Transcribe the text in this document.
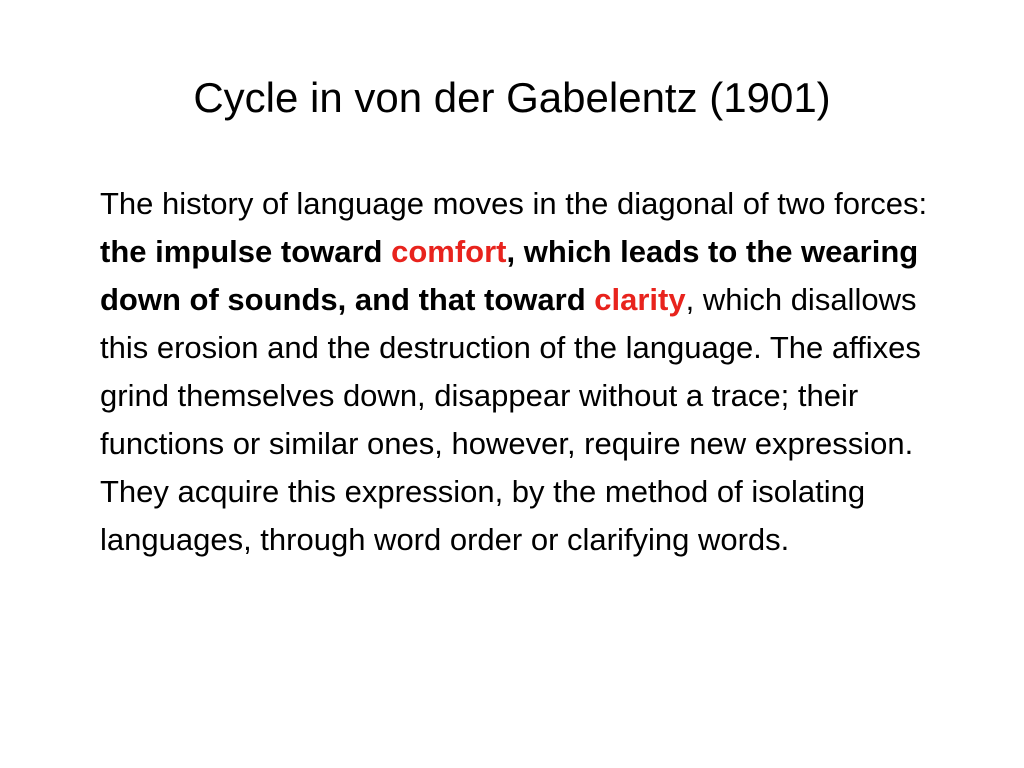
Cycle in von der Gabelentz (1901)

The history of language moves in the diagonal of two forces: the impulse toward comfort, which leads to the wearing down of sounds, and that toward clarity, which disallows this erosion and the destruction of the language. The affixes grind themselves down, disappear without a trace; their functions or similar ones, however, require new expression. They acquire this expression, by the method of isolating languages, through word order or clarifying words.
